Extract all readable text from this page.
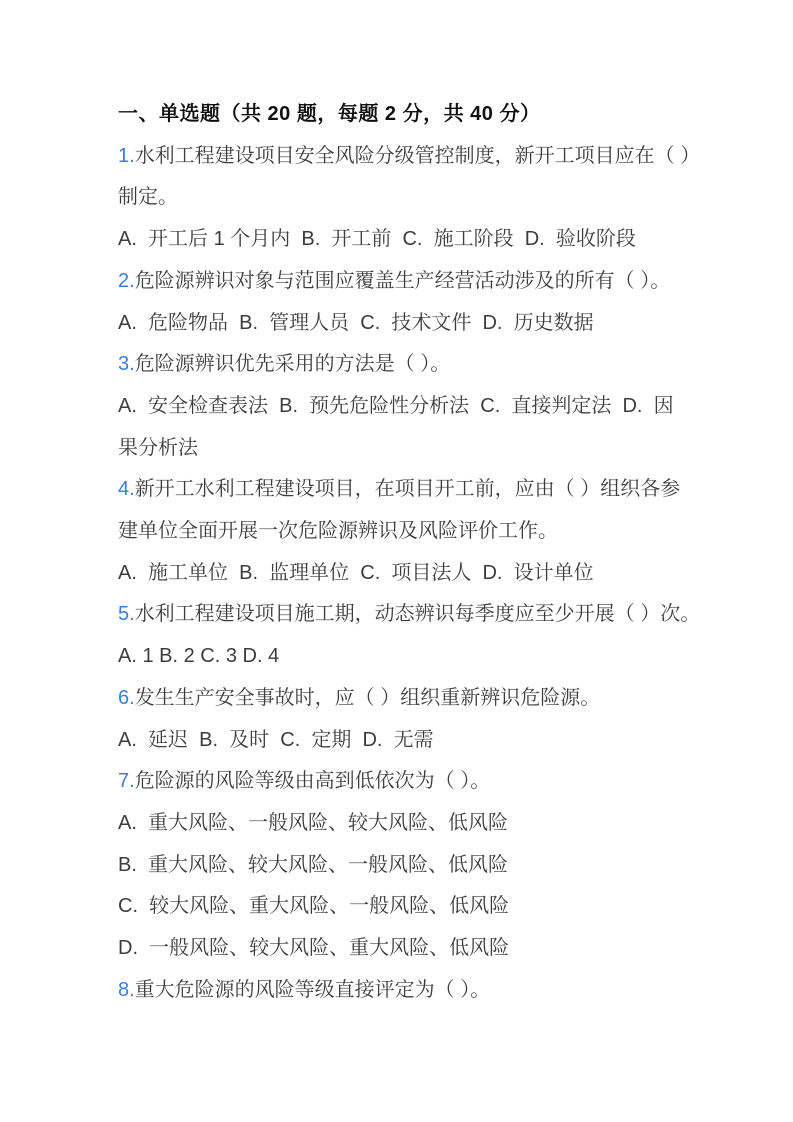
一、单选题（共 20 题，每题 2 分，共 40 分）

1.水利工程建设项目安全风险分级管控制度，新开工项目应在（ ）

制定。

A.  开工后 1 个月内  B.  开工前  C.  施工阶段  D.  验收阶段

2.危险源辨识对象与范围应覆盖生产经营活动涉及的所有（ ）。

A.  危险物品  B.  管理人员  C.  技术文件  D.  历史数据

3.危险源辨识优先采用的方法是（ ）。

A.  安全检查表法  B.  预先危险性分析法  C.  直接判定法  D.  因

果分析法

4.新开工水利工程建设项目，在项目开工前，应由（ ）组织各参

建单位全面开展一次危险源辨识及风险评价工作。

A.  施工单位  B.  监理单位  C.  项目法人  D.  设计单位

5.水利工程建设项目施工期，动态辨识每季度应至少开展（ ）次。

A. 1 B. 2 C. 3 D. 4

6.发生生产安全事故时，应（ ）组织重新辨识危险源。

A.  延迟  B.  及时  C.  定期  D.  无需

7.危险源的风险等级由高到低依次为（ ）。

A.  重大风险、一般风险、较大风险、低风险

B.  重大风险、较大风险、一般风险、低风险

C.  较大风险、重大风险、一般风险、低风险

D.  一般风险、较大风险、重大风险、低风险

8.重大危险源的风险等级直接评定为（ ）。
